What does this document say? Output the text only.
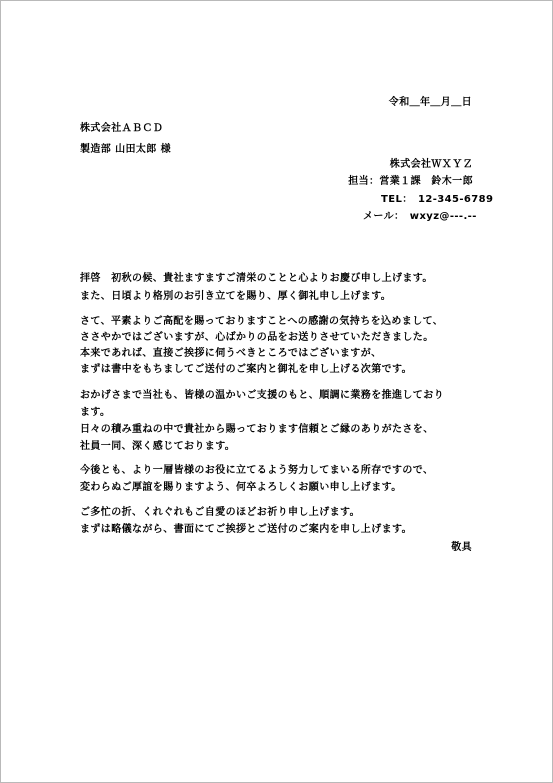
令和＿年＿月＿日
株式会社ＡＢＣＤ
製造部 山田太郎 様
株式会社ＷＸＹＺ
担当：営業１課　鈴木一郎
TEL：　12-345-6789
メール：　wxyz@---.--
拝啓　初秋の候、貴社ますますご清栄のことと心よりお慶び申し上げます。
また、日頃より格別のお引き立てを賜り、厚く御礼申し上げます。
さて、平素よりご高配を賜っておりますことへの感謝の気持ちを込めまして、
ささやかではございますが、心ばかりの品をお送りさせていただきました。
本来であれば、直接ご挨拶に伺うべきところではございますが、
まずは書中をもちましてご送付のご案内と御礼を申し上げる次第です。
おかげさまで当社も、皆様の温かいご支援のもと、順調に業務を推進しており
ます。
日々の積み重ねの中で貴社から賜っております信頼とご縁のありがたさを、
社員一同、深く感じております。
今後とも、より一層皆様のお役に立てるよう努力してまいる所存ですので、
変わらぬご厚誼を賜りますよう、何卒よろしくお願い申し上げます。
ご多忙の折、くれぐれもご自愛のほどお祈り申し上げます。
まずは略儀ながら、書面にてご挨拶とご送付のご案内を申し上げます。
敬具
